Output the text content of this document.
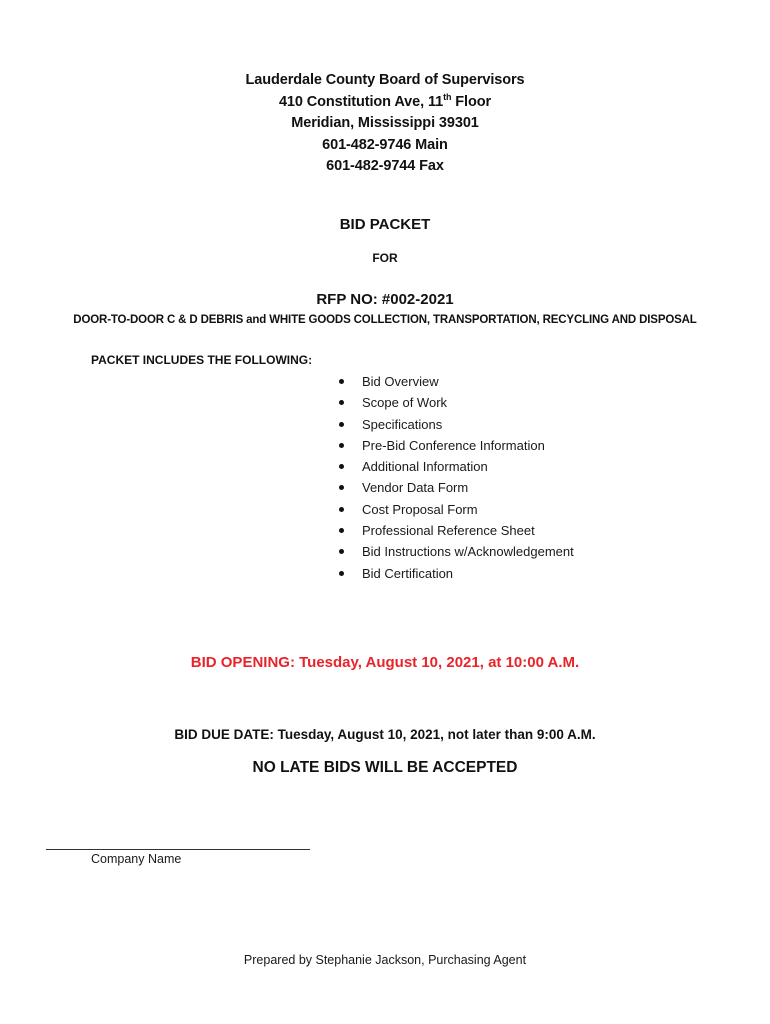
Lauderdale County Board of Supervisors
410 Constitution Ave, 11th Floor
Meridian, Mississippi 39301
601-482-9746 Main
601-482-9744 Fax
BID PACKET
FOR
RFP NO: #002-2021
DOOR-TO-DOOR C & D DEBRIS and WHITE GOODS COLLECTION, TRANSPORTATION, RECYCLING AND DISPOSAL
PACKET INCLUDES THE FOLLOWING:
Bid Overview
Scope of Work
Specifications
Pre-Bid Conference Information
Additional Information
Vendor Data Form
Cost Proposal Form
Professional Reference Sheet
Bid Instructions w/Acknowledgement
Bid Certification
BID OPENING: Tuesday, August 10, 2021, at 10:00 A.M.
BID DUE DATE: Tuesday, August 10, 2021, not later than 9:00 A.M.
NO LATE BIDS WILL BE ACCEPTED
Company Name
Prepared by Stephanie Jackson, Purchasing Agent
